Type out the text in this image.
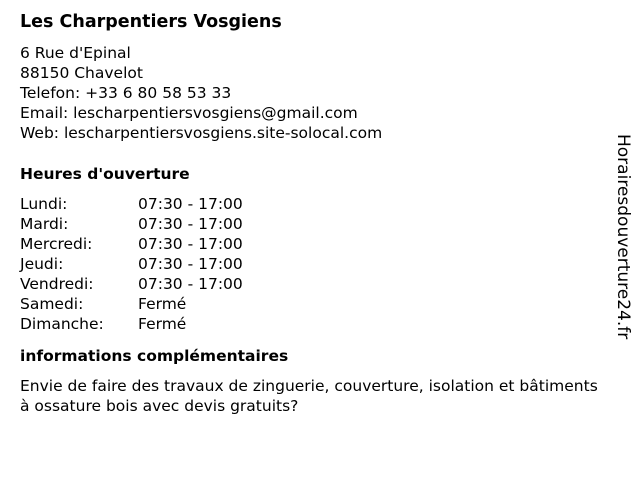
Les Charpentiers Vosgiens
6 Rue d'Epinal
88150 Chavelot
Telefon: +33 6 80 58 53 33
Email: lescharpentiersvosgiens@gmail.com
Web: lescharpentiersvosgiens.site-solocal.com
Heures d'ouverture
Lundi:	07:30 - 17:00
Mardi:	07:30 - 17:00
Mercredi:	07:30 - 17:00
Jeudi:	07:30 - 17:00
Vendredi:	07:30 - 17:00
Samedi:	Fermé
Dimanche:	Fermé
informations complémentaires
Envie de faire des travaux de zinguerie, couverture, isolation et bâtiments à ossature bois avec devis gratuits?
Horairesdouverture24.fr
